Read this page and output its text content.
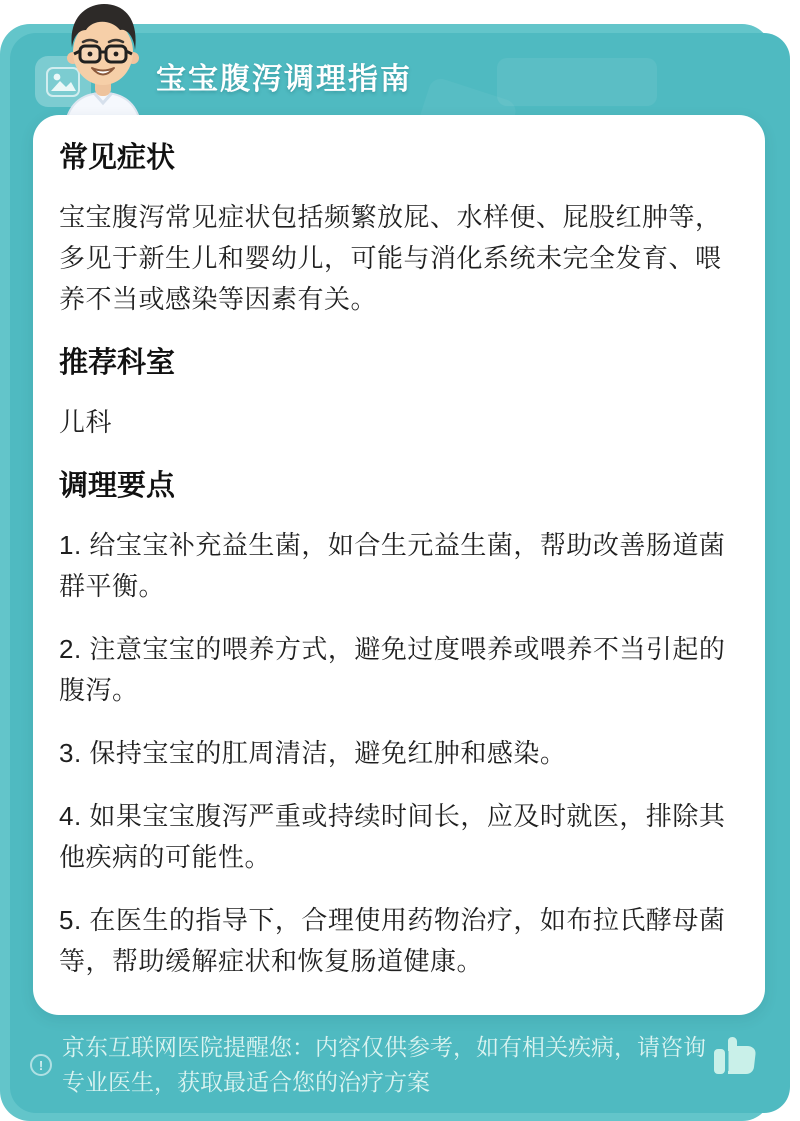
宝宝腹泻调理指南
常见症状

宝宝腹泻常见症状包括频繁放屁、水样便、屁股红肿等，多见于新生儿和婴幼儿，可能与消化系统未完全发育、喂养不当或感染等因素有关。

推荐科室

儿科

调理要点

1. 给宝宝补充益生菌，如合生元益生菌，帮助改善肠道菌群平衡。

2. 注意宝宝的喂养方式，避免过度喂养或喂养不当引起的腹泻。

3. 保持宝宝的肛周清洁，避免红肿和感染。

4. 如果宝宝腹泻严重或持续时间长，应及时就医，排除其他疾病的可能性。

5. 在医生的指导下，合理使用药物治疗，如布拉氏酵母菌等，帮助缓解症状和恢复肠道健康。

!
京东互联网医院提醒您：内容仅供参考，如有相关疾病，请咨询专业医生，获取最适合您的治疗方案
